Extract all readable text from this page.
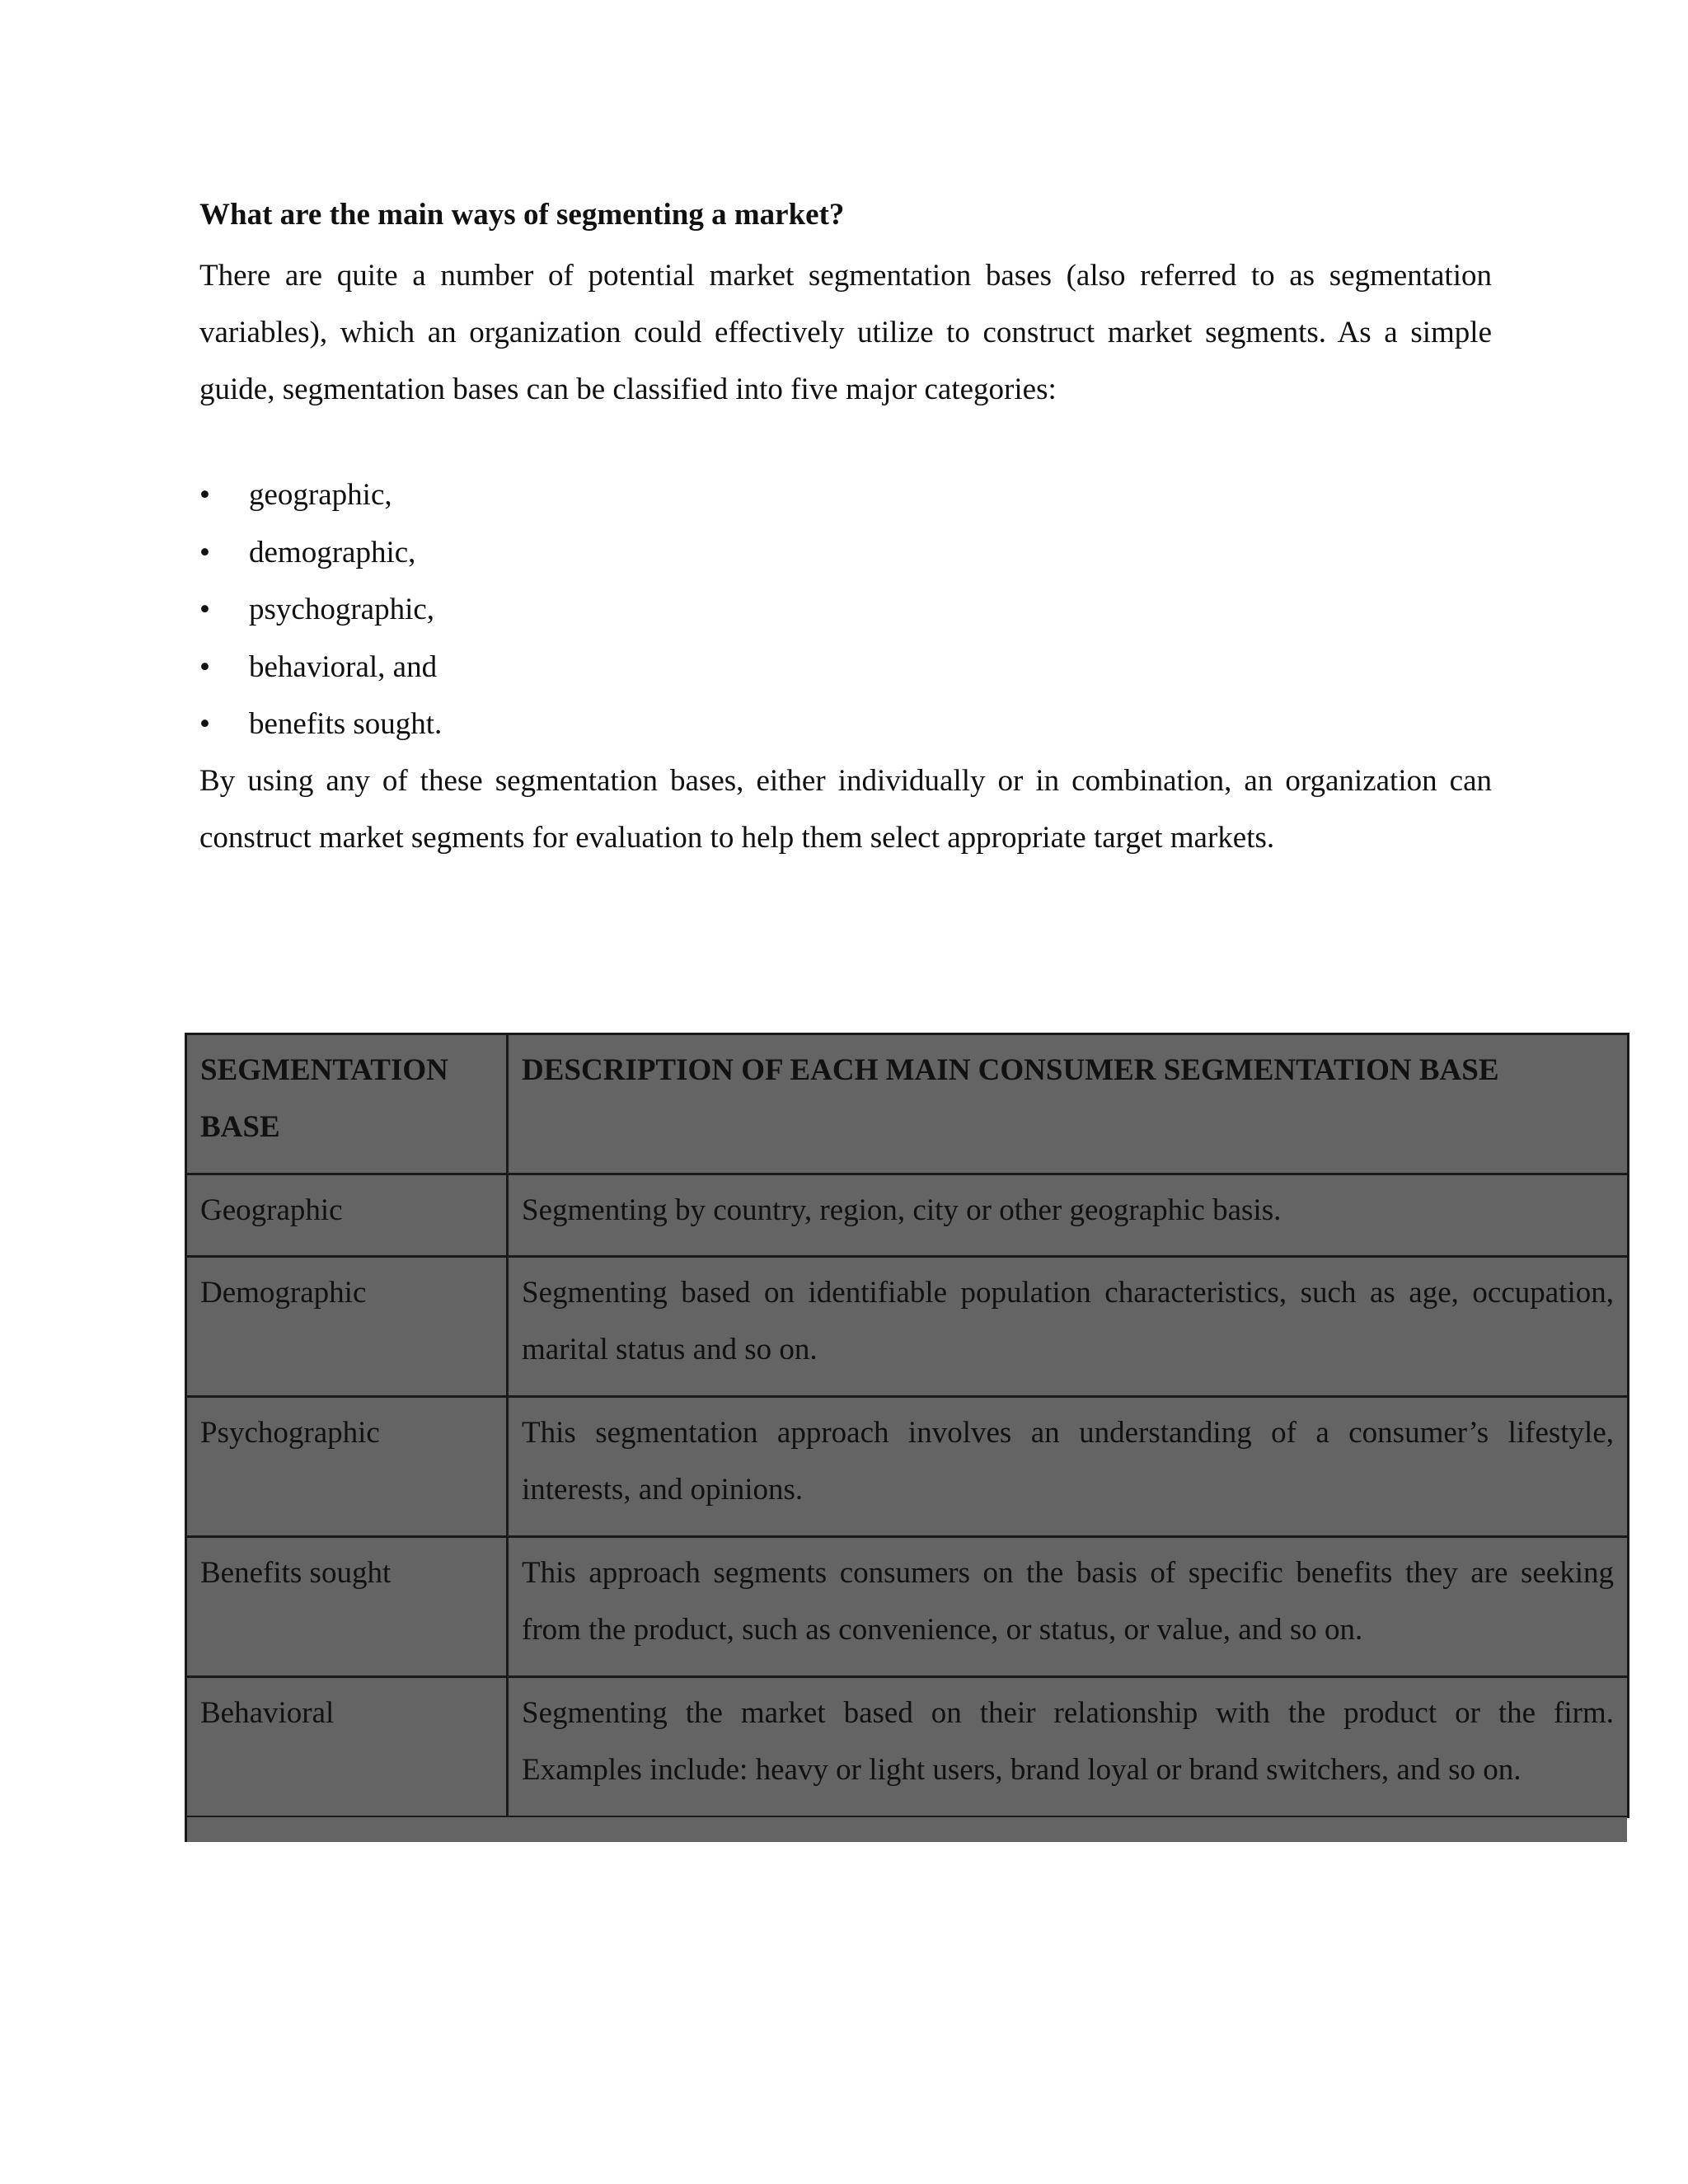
What are the main ways of segmenting a market?

There are quite a number of potential market segmentation bases (also referred to as segmentation variables), which an organization could effectively utilize to construct market segments. As a simple guide, segmentation bases can be classified into five major categories:

• geographic,
• demographic,
• psychographic,
• behavioral, and
• benefits sought.

By using any of these segmentation bases, either individually or in combination, an organization can construct market segments for evaluation to help them select appropriate target markets.

SEGMENTATION BASE	DESCRIPTION OF EACH MAIN CONSUMER SEGMENTATION BASE
Geographic	Segmenting by country, region, city or other geographic basis.
Demographic	Segmenting based on identifiable population characteristics, such as age, occupation, marital status and so on.
Psychographic	This segmentation approach involves an understanding of a consumer’s lifestyle, interests, and opinions.
Benefits sought	This approach segments consumers on the basis of specific benefits they are seeking from the product, such as convenience, or status, or value, and so on.
Behavioral	Segmenting the market based on their relationship with the product or the firm. Examples include: heavy or light users, brand loyal or brand switchers, and so on.
